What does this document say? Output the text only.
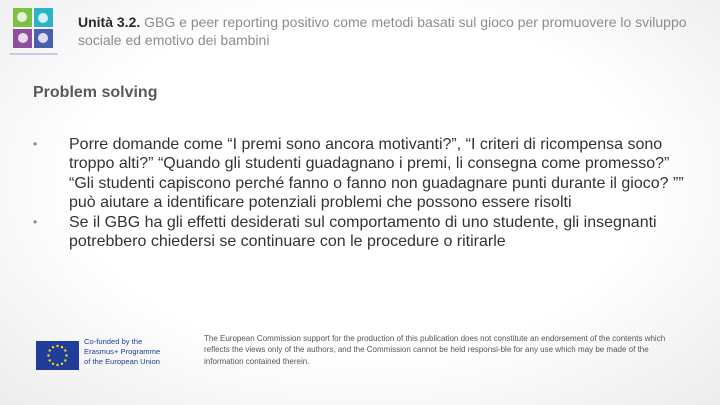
Unità 3.2. GBG e peer reporting positivo come metodi basati sul gioco per promuovere lo sviluppo sociale ed emotivo dei bambini
Problem solving
• Porre domande come “I premi sono ancora motivanti?”, “I criteri di ricompensa sono troppo alti?” “Quando gli studenti guadagnano i premi, li consegna come promesso?” “Gli studenti capiscono perché fanno o fanno non guadagnare punti durante il gioco? ”” può aiutare a identificare potenziali problemi che possono essere risolti
• Se il GBG ha gli effetti desiderati sul comportamento di uno studente, gli insegnanti potrebbero chiedersi se continuare con le procedure o ritirarle
Co-funded by the
Erasmus+ Programme
of the European Union
The European Commission support for the production of this publication does not constitute an endorsement of the contents which reflects the views only of the authors, and the Commission cannot be held responsi-ble for any use which may be made of the information contained therein.
